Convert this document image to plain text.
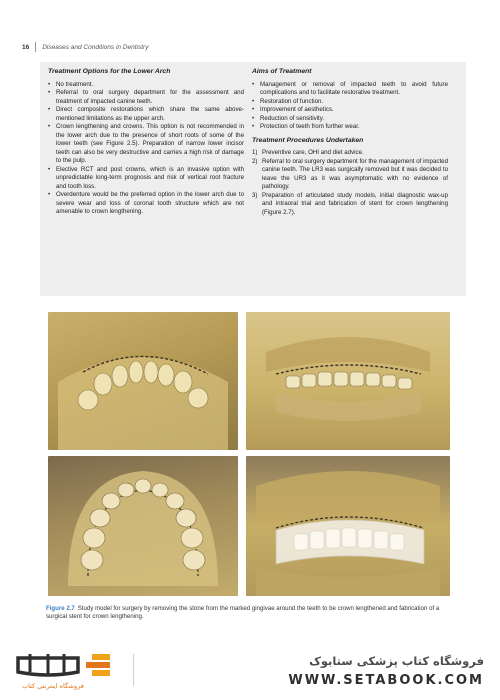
16 Diseases and Conditions in Dentistry
Treatment Options for the Lower Arch
• No treatment.
• Referral to oral surgery department for the assessment and treatment of impacted canine teeth.
• Direct composite restorations which share the same above-mentioned limitations as the upper arch.
• Crown lengthening and crowns. This option is not recommended in the lower arch due to the presence of short roots of some of the lower teeth (see Figure 2.5). Preparation of narrow lower incisor teeth can also be very destructive and carries a high risk of damage to the pulp.
• Elective RCT and post crowns, which is an invasive option with unpredictable long-term prognosis and risk of vertical root fracture and tooth loss.
• Overdenture would be the preferred option in the lower arch due to severe wear and loss of coronal tooth structure which are not amenable to crown lengthening.
Aims of Treatment
• Management or removal of impacted teeth to avoid future complications and to facilitate restorative treatment.
• Restoration of function.
• Improvement of aesthetics.
• Reduction of sensitivity.
• Protection of teeth from further wear.
Treatment Procedures Undertaken
1) Preventive care, OHI and diet advice.
2) Referral to oral surgery department for the management of impacted canine teeth. The LR3 was surgically removed but it was decided to leave the UR3 as it was asymptomatic with no evidence of pathology.
3) Preparation of articulated study models, initial diagnostic wax-up and intraoral trial and fabrication of stent for crown lengthening (Figure 2.7).
Figure 2.7 Study model for surgery by removing the stone from the marked gingivae around the teeth to be crown lengthened and fabrication of a surgical stent for crown lengthening.
فروشگاه اینترنتی کتاب
فروشگاه کتاب پزشکی ستابوک
WWW.SETABOOK.COM
